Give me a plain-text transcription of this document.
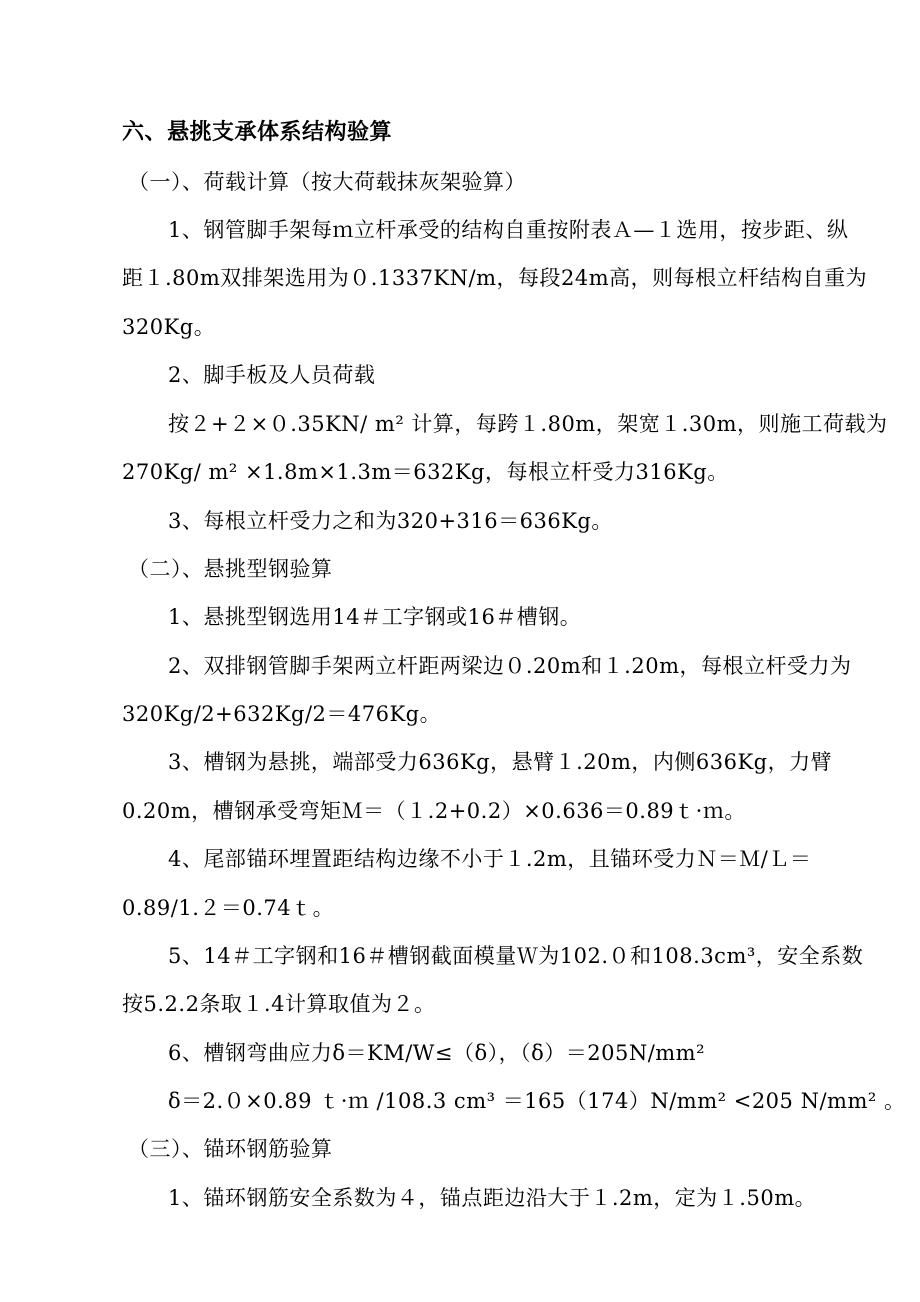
六、悬挑支承体系结构验算
（一）、荷载计算（按大荷载抹灰架验算）
1、钢管脚手架每ｍ立杆承受的结构自重按附表Ａ—１选用，按步距、纵
距１.80m双排架选用为０.1337KN/m，每段24m高，则每根立杆结构自重为
320Kg。
2、脚手板及人员荷载
按２+２×０.35KN/ m² 计算，每跨１.80m，架宽１.30m，则施工荷载为
270Kg/ m² ×1.8m×1.3m＝632Kg，每根立杆受力316Kg。
3、每根立杆受力之和为320+316＝636Kg。
（二）、悬挑型钢验算
1、悬挑型钢选用14＃工字钢或16＃槽钢。
2、双排钢管脚手架两立杆距两梁边０.20m和１.20m，每根立杆受力为
320Kg/2+632Kg/2＝476Kg。
3、槽钢为悬挑，端部受力636Kg，悬臂１.20m，内侧636Kg，力臂
0.20m，槽钢承受弯矩Ｍ＝（１.2+0.2）×0.636＝0.89ｔ·ｍ。
4、尾部锚环埋置距结构边缘不小于１.2m，且锚环受力Ｎ＝Ｍ/Ｌ＝
0.89/1.２＝0.74ｔ。
5、14＃工字钢和16＃槽钢截面模量Ｗ为102.０和108.3cm³，安全系数
按5.2.2条取１.4计算取值为２。
6、槽钢弯曲应力δ＝KM/W≤（δ），（δ）＝205N/mm²
δ＝2.０×0.89 ｔ·ｍ /108.3 cm³ ＝165（174）N/mm² <205 N/mm² 。
（三）、锚环钢筋验算
1、锚环钢筋安全系数为４，锚点距边沿大于１.2m，定为１.50m。
